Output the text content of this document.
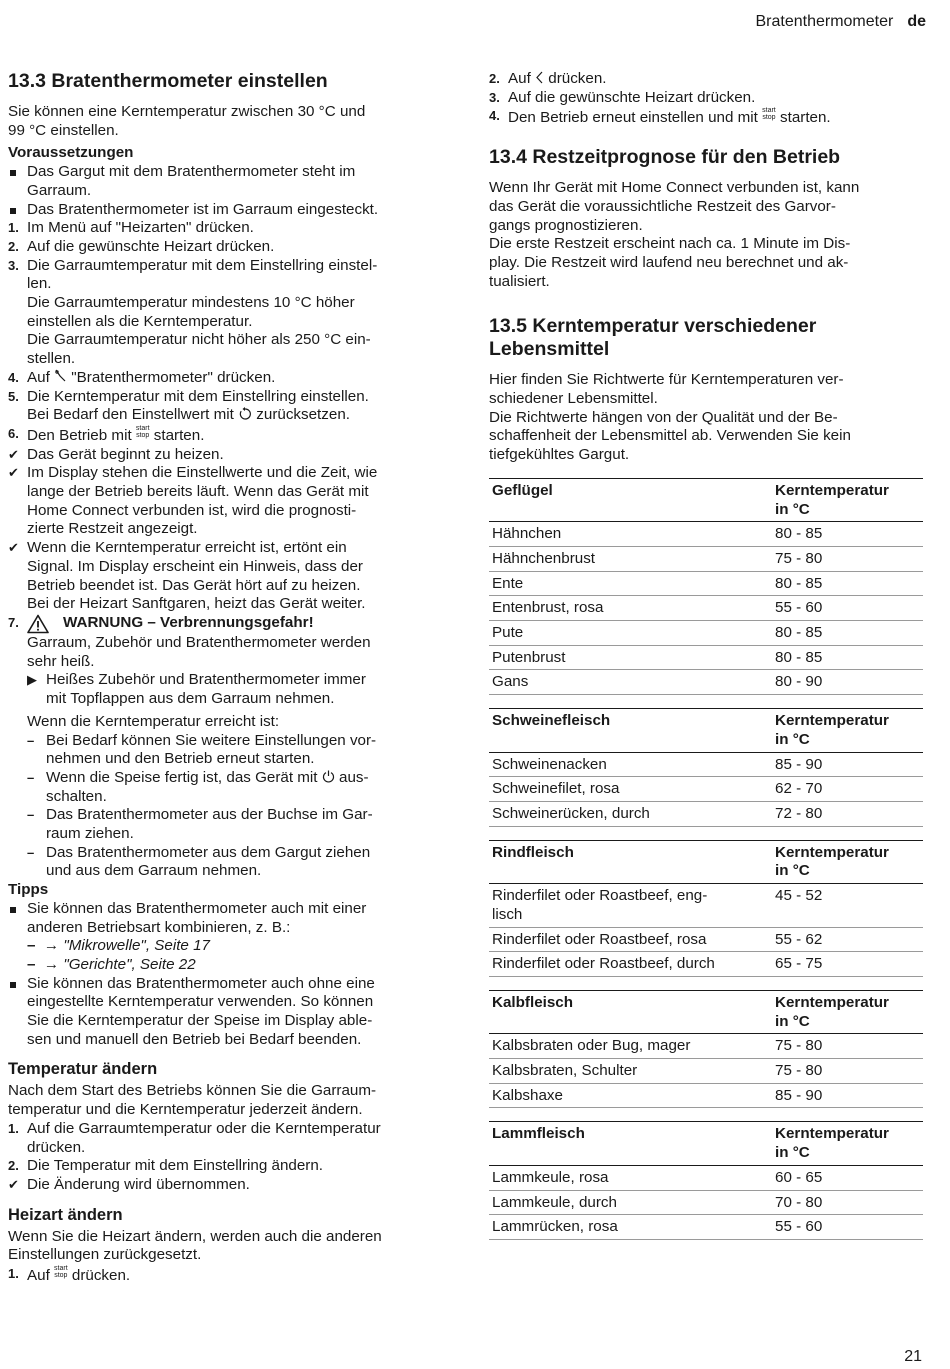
Bratenthermometer de
13.3 Bratenthermometer einstellen

Sie können eine Kerntemperatur zwischen 30 °C und
99 °C einstellen.

Voraussetzungen
Das Gargut mit dem Bratenthermometer steht im
Garraum.
Das Bratenthermometer ist im Garraum eingesteckt.
1. Im Menü auf "Heizarten" drücken.
2. Auf die gewünschte Heizart drücken.
3. Die Garraumtemperatur mit dem Einstellring einstel-
len.
Die Garraumtemperatur mindestens 10 °C höher
einstellen als die Kerntemperatur.
Die Garraumtemperatur nicht höher als 250 °C ein-
stellen.
4. Auf "Bratenthermometer" drücken.
5. Die Kerntemperatur mit dem Einstellring einstellen.
Bei Bedarf den Einstellwert mit zurücksetzen.
6. Den Betrieb mit start
stop starten.
✔ Das Gerät beginnt zu heizen.
✔ Im Display stehen die Einstellwerte und die Zeit, wie
lange der Betrieb bereits läuft. Wenn das Gerät mit
Home Connect verbunden ist, wird die prognosti-
zierte Restzeit angezeigt.
✔ Wenn die Kerntemperatur erreicht ist, ertönt ein
Signal. Im Display erscheint ein Hinweis, dass der
Betrieb beendet ist. Das Gerät hört auf zu heizen.
Bei der Heizart Sanftgaren, heizt das Gerät weiter.
7.	WARNUNG – Verbrennungsgefahr!
Garraum, Zubehör und Bratenthermometer werden
sehr heiß.
▶ Heißes Zubehör und Bratenthermometer immer
mit Topflappen aus dem Garraum nehmen.
Wenn die Kerntemperatur erreicht ist:
– Bei Bedarf können Sie weitere Einstellungen vor-
nehmen und den Betrieb erneut starten.
– Wenn die Speise fertig ist, das Gerät mit aus-
schalten.
– Das Bratenthermometer aus der Buchse im Gar-
raum ziehen.
– Das Bratenthermometer aus dem Gargut ziehen
und aus dem Garraum nehmen.
Tipps
Sie können das Bratenthermometer auch mit einer
anderen Betriebsart kombinieren, z. B.:
–  → "Mikrowelle", Seite 17
–  → "Gerichte", Seite 22
Sie können das Bratenthermometer auch ohne eine
eingestellte Kerntemperatur verwenden. So können
Sie die Kerntemperatur der Speise im Display able-
sen und manuell den Betrieb bei Bedarf beenden.
Temperatur ändern

Nach dem Start des Betriebs können Sie die Garraum-
temperatur und die Kerntemperatur jederzeit ändern.

1. Auf die Garraumtemperatur oder die Kerntemperatur
drücken.
2. Die Temperatur mit dem Einstellring ändern.
✔ Die Änderung wird übernommen.
Heizart ändern

Wenn Sie die Heizart ändern, werden auch die anderen
Einstellungen zurückgesetzt.

1. Auf start
stop drücken.
2. Auf drücken.
3. Auf die gewünschte Heizart drücken.
4. Den Betrieb erneut einstellen und mit start
stop starten.
13.4 Restzeitprognose für den Betrieb

Wenn Ihr Gerät mit Home Connect verbunden ist, kann
das Gerät die voraussichtliche Restzeit des Garvor-
gangs prognostizieren.
Die erste Restzeit erscheint nach ca. 1 Minute im Dis-
play. Die Restzeit wird laufend neu berechnet und ak-
tualisiert.

13.5 Kerntemperatur verschiedener
Lebensmittel

Hier finden Sie Richtwerte für Kerntemperaturen ver-
schiedener Lebensmittel.
Die Richtwerte hängen von der Qualität und der Be-
schaffenheit der Lebensmittel ab. Verwenden Sie kein
tiefgekühltes Gargut.

Geflügel	Kerntemperatur
in °C
Hähnchen	80 - 85
Hähnchenbrust	75 - 80
Ente	80 - 85
Entenbrust, rosa	55 - 60
Pute	80 - 85
Putenbrust	80 - 85
Gans	80 - 90
Schweinefleisch	Kerntemperatur
in °C
Schweinenacken	85 - 90
Schweinefilet, rosa	62 - 70
Schweinerücken, durch	72 - 80
Rindfleisch	Kerntemperatur
in °C
Rinderfilet oder Roastbeef, eng-
lisch	45 - 52
Rinderfilet oder Roastbeef, rosa	55 - 62
Rinderfilet oder Roastbeef, durch	65 - 75
Kalbfleisch	Kerntemperatur
in °C
Kalbsbraten oder Bug, mager	75 - 80
Kalbsbraten, Schulter	75 - 80
Kalbshaxe	85 - 90
Lammfleisch	Kerntemperatur
in °C
Lammkeule, rosa	60 - 65
Lammkeule, durch	70 - 80
Lammrücken, rosa	55 - 60
21
